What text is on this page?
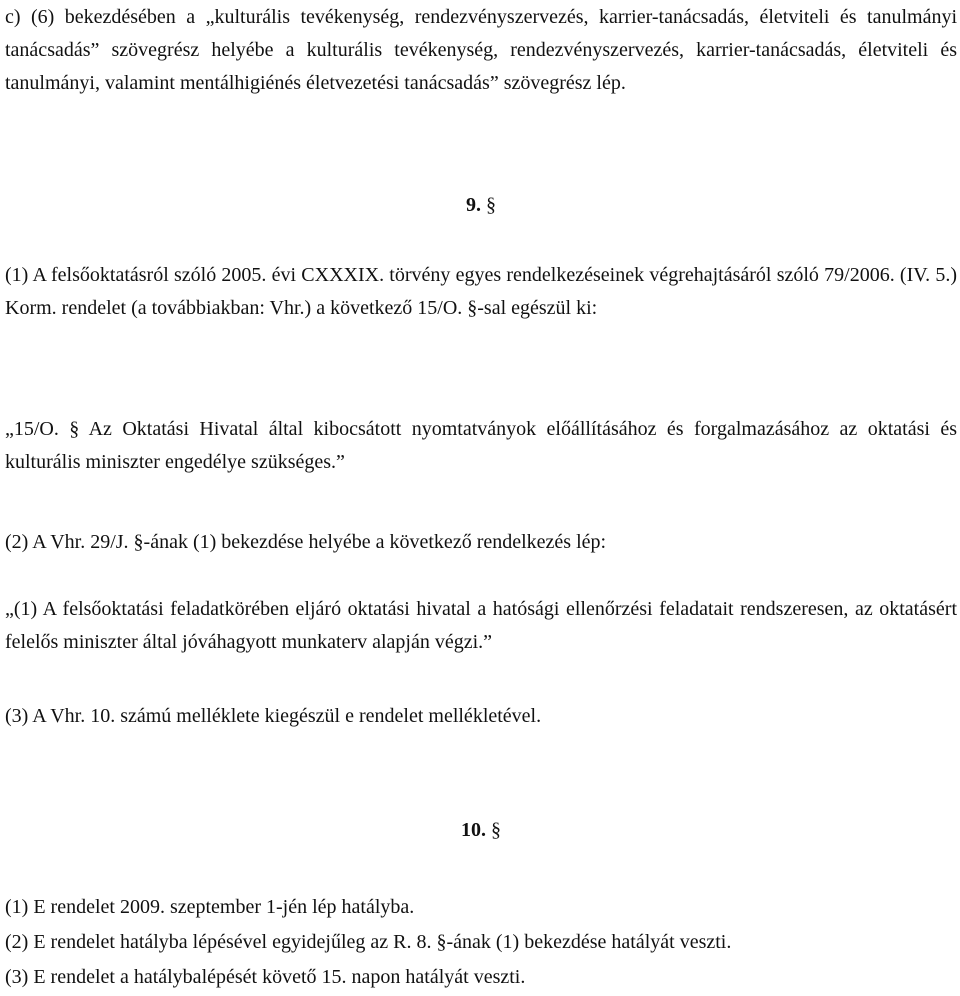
c) (6) bekezdésében a „kulturális tevékenység, rendezvényszervezés, karrier-tanácsadás, életviteli és tanulmányi tanácsadás” szövegrész helyébe a kulturális tevékenység, rendezvényszervezés, karrier-tanácsadás, életviteli és tanulmányi, valamint mentálhigiénés életvezetési tanácsadás” szövegrész lép.

9. §

(1) A felsőoktatásról szóló 2005. évi CXXXIX. törvény egyes rendelkezéseinek végrehajtásáról szóló 79/2006. (IV. 5.) Korm. rendelet (a továbbiakban: Vhr.) a következő 15/O. §-sal egészül ki:

„15/O. § Az Oktatási Hivatal által kibocsátott nyomtatványok előállításához és forgalmazásához az oktatási és kulturális miniszter engedélye szükséges.”

(2) A Vhr. 29/J. §-ának (1) bekezdése helyébe a következő rendelkezés lép:

„(1) A felsőoktatási feladatkörében eljáró oktatási hivatal a hatósági ellenőrzési feladatait rendszeresen, az oktatásért felelős miniszter által jóváhagyott munkaterv alapján végzi.”

(3) A Vhr. 10. számú melléklete kiegészül e rendelet mellékletével.

10. §

(1) E rendelet 2009. szeptember 1-jén lép hatályba.

(2) E rendelet hatályba lépésével egyidejűleg az R. 8. §-ának (1) bekezdése hatályát veszti.

(3) E rendelet a hatálybalépését követő 15. napon hatályát veszti.
